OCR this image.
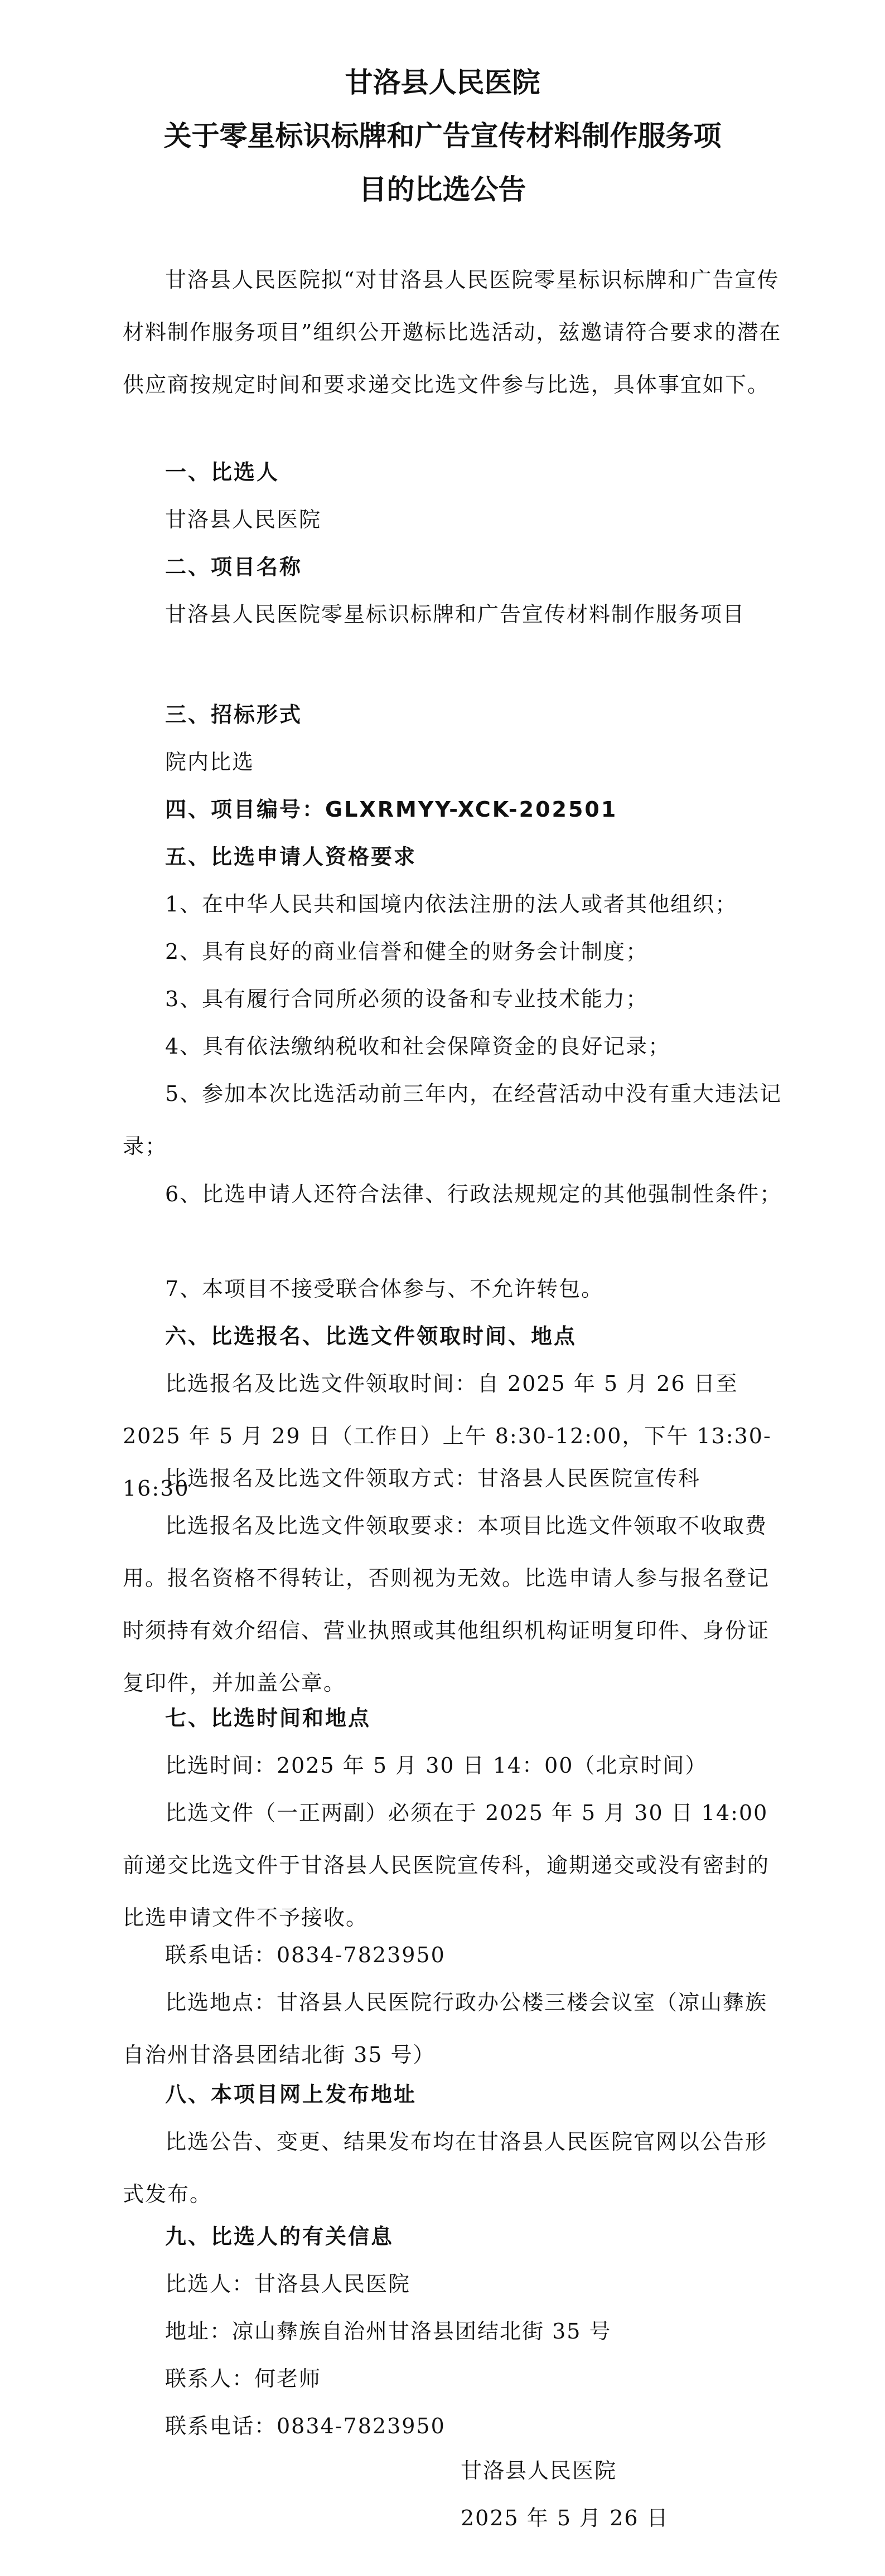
甘洛县人民医院
关于零星标识标牌和广告宣传材料制作服务项
目的比选公告

甘洛县人民医院拟“对甘洛县人民医院零星标识标牌和广告宣传材料制作服务项目”组织公开邀标比选活动，兹邀请符合要求的潜在供应商按规定时间和要求递交比选文件参与比选，具体事宜如下。

一、比选人

甘洛县人民医院

二、项目名称

甘洛县人民医院零星标识标牌和广告宣传材料制作服务项目

三、招标形式

院内比选

四、项目编号：GLXRMYY-XCK-202501

五、比选申请人资格要求

1、在中华人民共和国境内依法注册的法人或者其他组织；

2、具有良好的商业信誉和健全的财务会计制度；

3、具有履行合同所必须的设备和专业技术能力；

4、具有依法缴纳税收和社会保障资金的良好记录；

5、参加本次比选活动前三年内，在经营活动中没有重大违法记录；

6、比选申请人还符合法律、行政法规规定的其他强制性条件；

7、本项目不接受联合体参与、不允许转包。

六、比选报名、比选文件领取时间、地点

比选报名及比选文件领取时间：自 2025 年 5 月 26 日至 2025 年 5 月 29 日（工作日）上午 8:30-12:00，下午 13:30- 16:30

比选报名及比选文件领取方式：甘洛县人民医院宣传科

比选报名及比选文件领取要求：本项目比选文件领取不收取费用。报名资格不得转让，否则视为无效。比选申请人参与报名登记时须持有效介绍信、营业执照或其他组织机构证明复印件、身份证复印件，并加盖公章。

七、比选时间和地点

比选时间：2025 年 5 月 30 日 14：00（北京时间）

比选文件（一正两副）必须在于 2025 年 5 月 30 日 14:00 前递交比选文件于甘洛县人民医院宣传科，逾期递交或没有密封的比选申请文件不予接收。

联系电话：0834-7823950

比选地点：甘洛县人民医院行政办公楼三楼会议室（凉山彝族自治州甘洛县团结北街 35 号）

八、本项目网上发布地址

比选公告、变更、结果发布均在甘洛县人民医院官网以公告形式发布。

九、比选人的有关信息

比选人：甘洛县人民医院

地址：凉山彝族自治州甘洛县团结北街 35 号

联系人：何老师

联系电话：0834-7823950

甘洛县人民医院

2025 年 5 月 26 日
